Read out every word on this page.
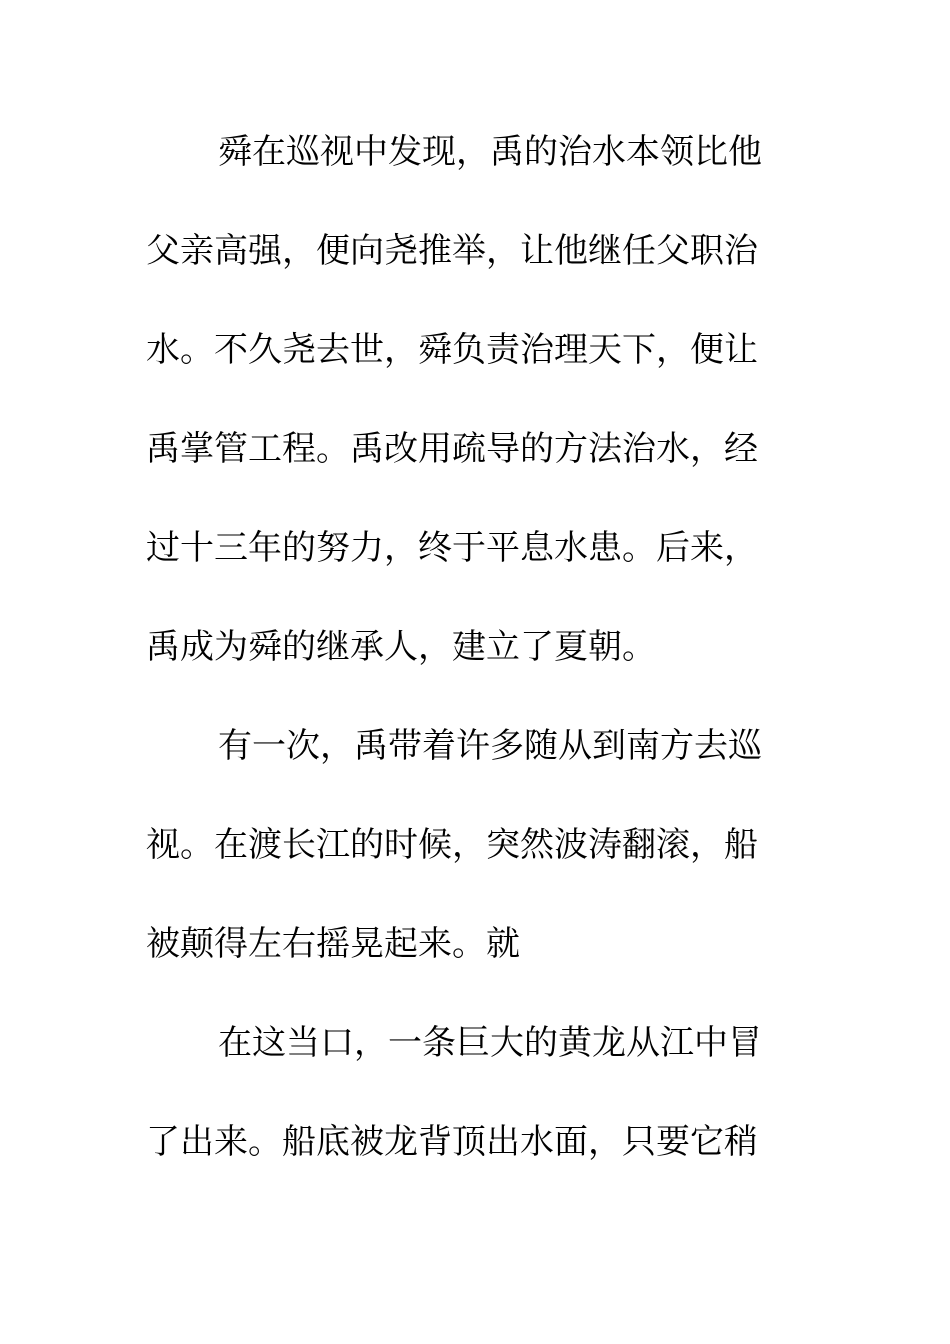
舜在巡视中发现，禹的治水本领比他
父亲高强，便向尧推举，让他继任父职治
水。不久尧去世，舜负责治理天下，便让
禹掌管工程。禹改用疏导的方法治水，经
过十三年的努力，终于平息水患。后来，
禹成为舜的继承人，建立了夏朝。
有一次，禹带着许多随从到南方去巡
视。在渡长江的时候，突然波涛翻滚，船
被颠得左右摇晃起来。就
在这当口，一条巨大的黄龙从江中冒
了出来。船底被龙背顶出水面，只要它稍
